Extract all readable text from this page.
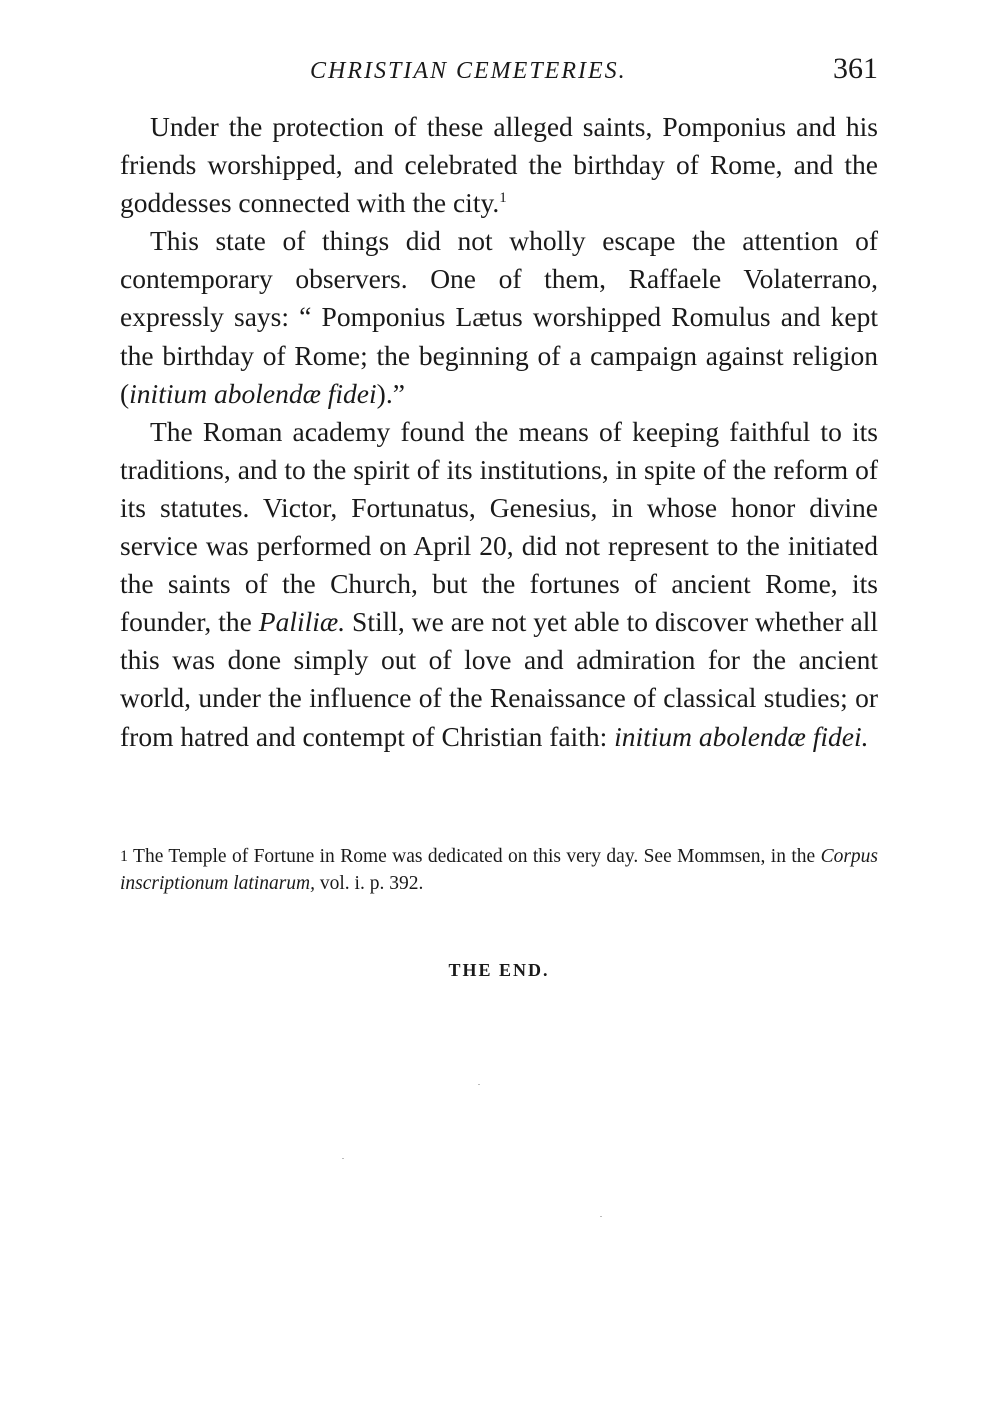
CHRISTIAN CEMETERIES.	361

Under the protection of these alleged saints, Pomponius and his friends worshipped, and celebrated the birthday of Rome, and the goddesses connected with the city.$^1$

This state of things did not wholly escape the attention of contemporary observers. One of them, Raffaele Volaterrano, expressly says: “ Pomponius Lætus worshipped Romulus and kept the birthday of Rome; the beginning of a campaign against religion (initium abolendæ fidei).”

The Roman academy found the means of keeping faithful to its traditions, and to the spirit of its institutions, in spite of the reform of its statutes. Victor, Fortunatus, Genesius, in whose honor divine service was performed on April 20, did not represent to the initiated the saints of the Church, but the fortunes of ancient Rome, its founder, the Paliliæ. Still, we are not yet able to discover whether all this was done simply out of love and admiration for the ancient world, under the influence of the Renaissance of classical studies; or from hatred and contempt of Christian faith: initium abolendæ fidei.

1 The Temple of Fortune in Rome was dedicated on this very day. See Mommsen, in the Corpus inscriptionum latinarum, vol. i. p. 392.

THE END.
